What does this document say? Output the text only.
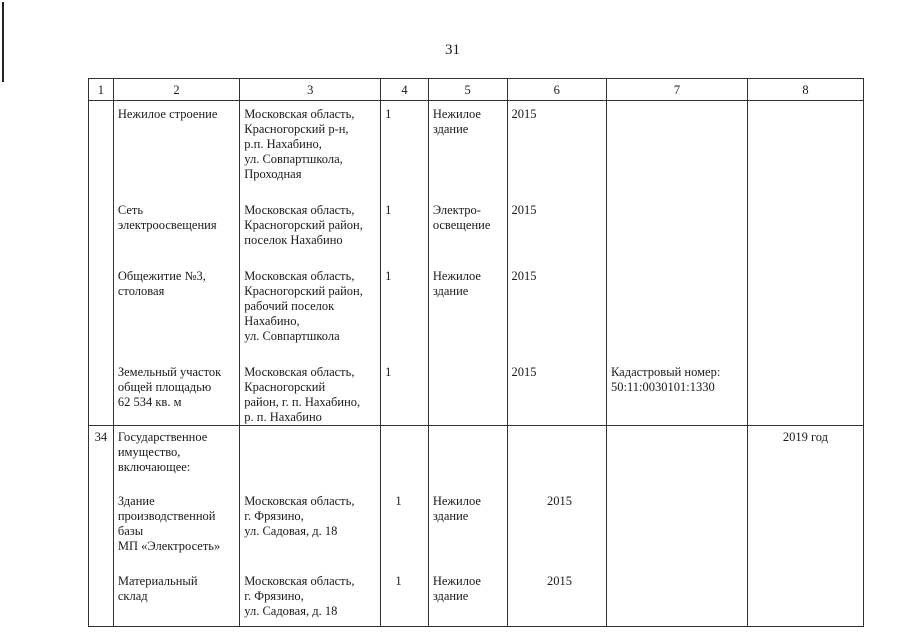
31
1	2	3	4	5	6	7	8

	Нежилое строение	Московская область,
Красногорский р-н,
р.п. Нахабино,
ул. Совпартшкола,
Проходная	1	Нежилое
здание	2015		

	Сеть
электроосвещения	Московская область,
Красногорский район,
поселок Нахабино	1	Электро-
освещение	2015		

	Общежитие №3,
столовая	Московская область,
Красногорский район,
рабочий поселок
Нахабино,
ул. Совпартшкола	1	Нежилое
здание	2015		

	Земельный участок
общей площадью
62 534 кв. м	Московская область,
Красногорский
район, г. п. Нахабино,
р. п. Нахабино	1		2015	Кадастровый номер:
50:11:0030101:1330	

34	Государственное
имущество,
включающее:						2019 год

	Здание
производственной
базы
МП «Электросеть»	Московская область,
г. Фрязино,
ул. Садовая, д. 18	1	Нежилое
здание	2015		

	Материальный
склад	Московская область,
г. Фрязино,
ул. Садовая, д. 18	1	Нежилое
здание	2015		
